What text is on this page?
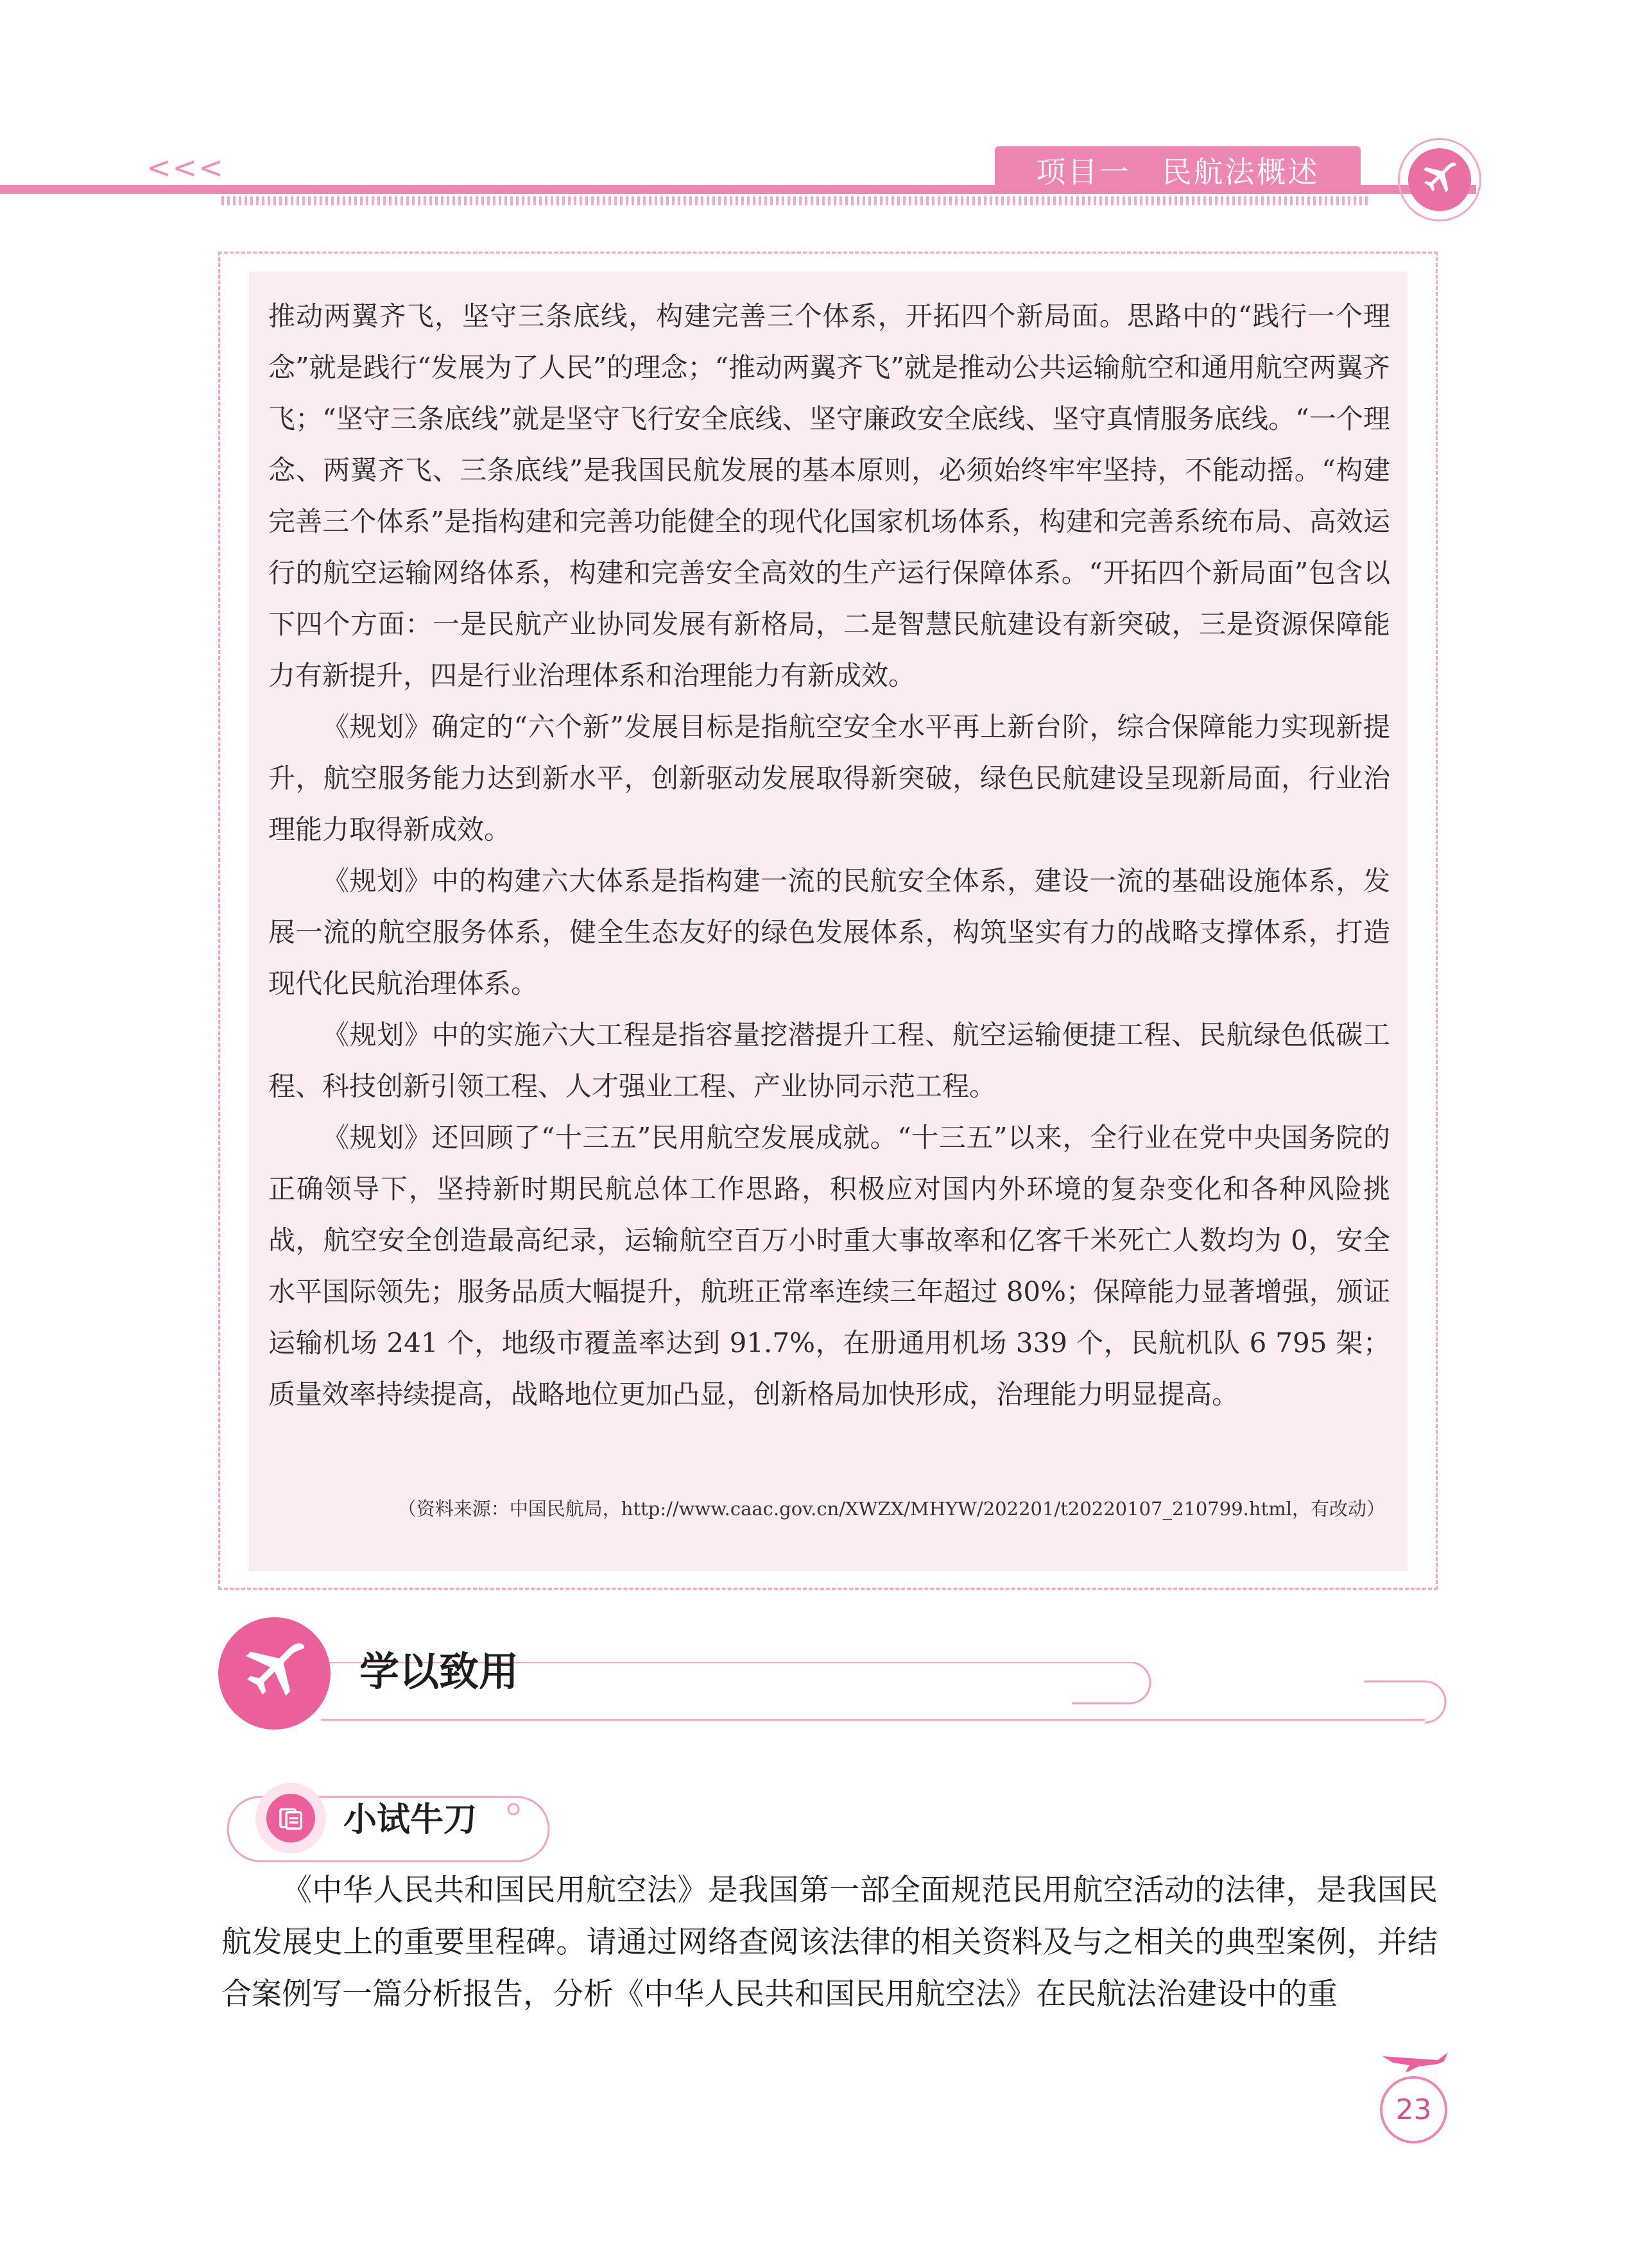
<<<	项目一　民航法概述

推动两翼齐飞，坚守三条底线，构建完善三个体系，开拓四个新局面。思路中的“践行一个理念”就是践行“发展为了人民”的理念；“推动两翼齐飞”就是推动公共运输航空和通用航空两翼齐飞；“坚守三条底线”就是坚守飞行安全底线、坚守廉政安全底线、坚守真情服务底线。“一个理念、两翼齐飞、三条底线”是我国民航发展的基本原则，必须始终牢牢坚持，不能动摇。“构建完善三个体系”是指构建和完善功能健全的现代化国家机场体系，构建和完善系统布局、高效运行的航空运输网络体系，构建和完善安全高效的生产运行保障体系。“开拓四个新局面”包含以下四个方面：一是民航产业协同发展有新格局，二是智慧民航建设有新突破，三是资源保障能力有新提升，四是行业治理体系和治理能力有新成效。

《规划》确定的“六个新”发展目标是指航空安全水平再上新台阶，综合保障能力实现新提升，航空服务能力达到新水平，创新驱动发展取得新突破，绿色民航建设呈现新局面，行业治理能力取得新成效。

《规划》中的构建六大体系是指构建一流的民航安全体系，建设一流的基础设施体系，发展一流的航空服务体系，健全生态友好的绿色发展体系，构筑坚实有力的战略支撑体系，打造现代化民航治理体系。

《规划》中的实施六大工程是指容量挖潜提升工程、航空运输便捷工程、民航绿色低碳工程、科技创新引领工程、人才强业工程、产业协同示范工程。

《规划》还回顾了“十三五”民用航空发展成就。“十三五”以来，全行业在党中央国务院的正确领导下，坚持新时期民航总体工作思路，积极应对国内外环境的复杂变化和各种风险挑战，航空安全创造最高纪录，运输航空百万小时重大事故率和亿客千米死亡人数均为 0，安全水平国际领先；服务品质大幅提升，航班正常率连续三年超过 80%；保障能力显著增强，颁证运输机场 241 个，地级市覆盖率达到 91.7%，在册通用机场 339 个，民航机队 6 795 架；质量效率持续提高，战略地位更加凸显，创新格局加快形成，治理能力明显提高。

（资料来源：中国民航局，http://www.caac.gov.cn/XWZX/MHYW/202201/t20220107_210799.html，有改动）
学以致用
小试牛刀

《中华人民共和国民用航空法》是我国第一部全面规范民用航空活动的法律，是我国民航发展史上的重要里程碑。请通过网络查阅该法律的相关资料及与之相关的典型案例，并结合案例写一篇分析报告，分析《中华人民共和国民用航空法》在民航法治建设中的重

23
